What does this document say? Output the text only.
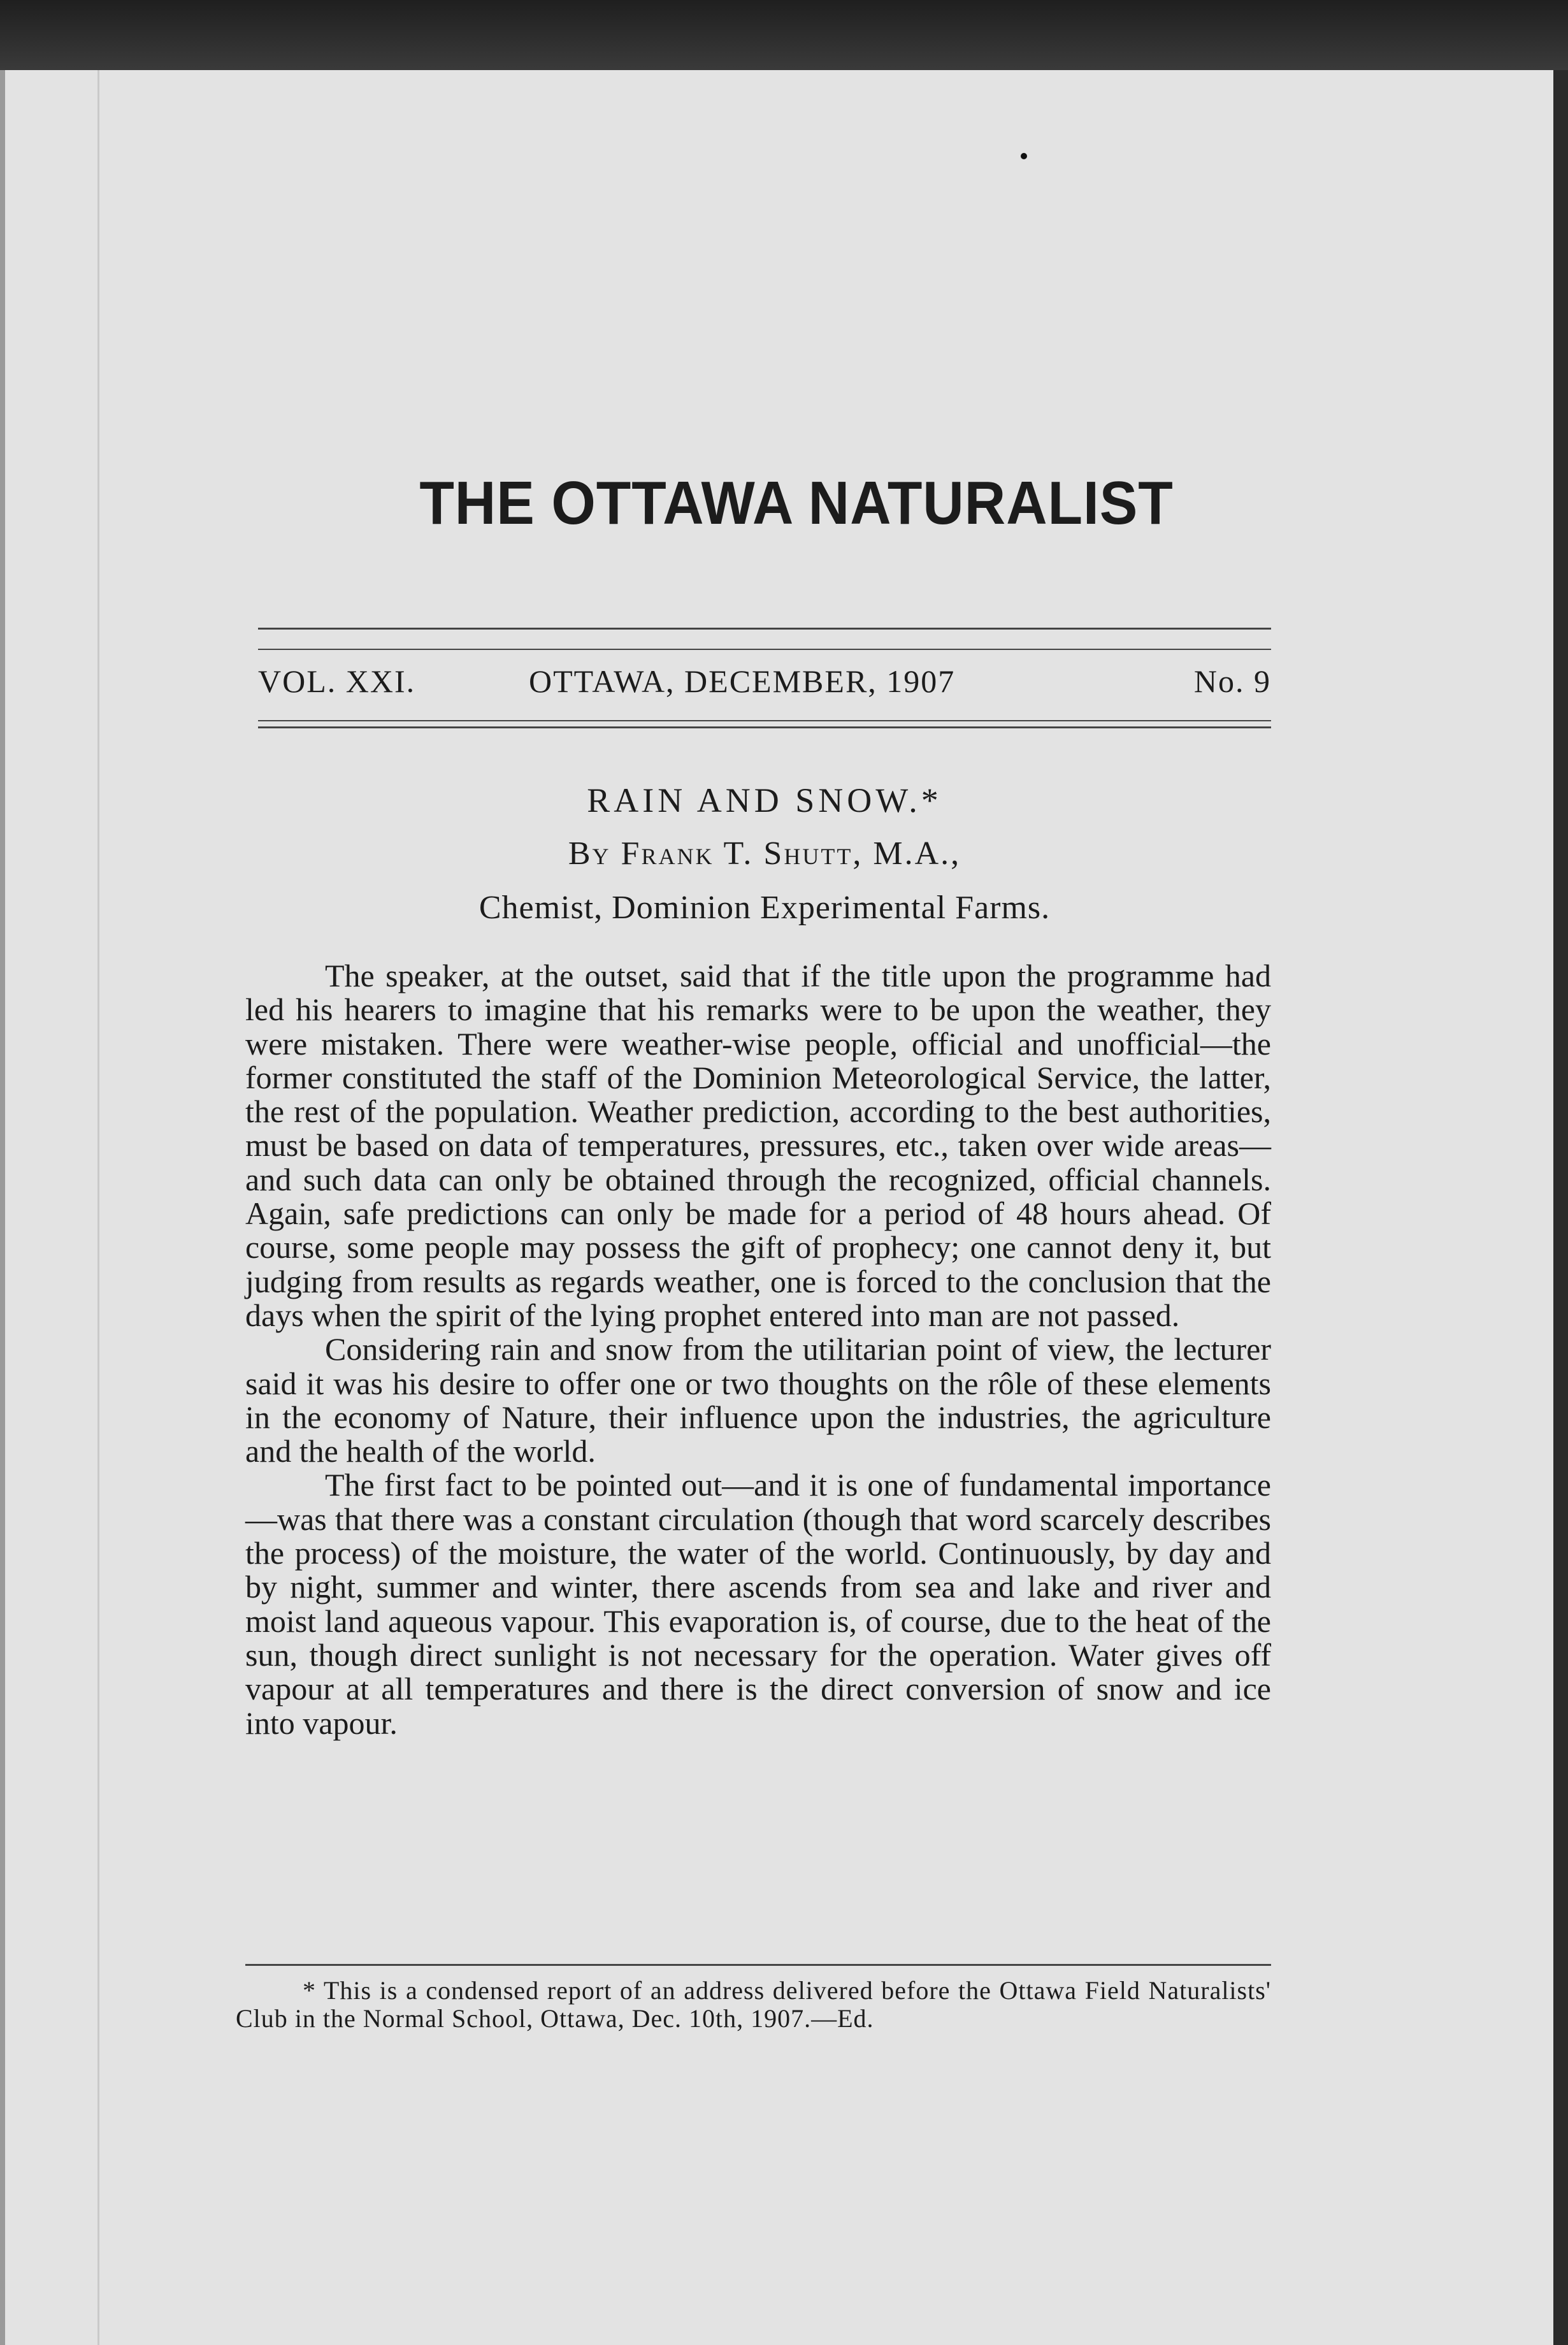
THE OTTAWA NATURALIST
VOL. XXI.	OTTAWA, DECEMBER, 1907	No. 9
RAIN AND SNOW.*
By Frank T. Shutt, M.A.,
Chemist, Dominion Experimental Farms.

The speaker, at the outset, said that if the title upon the programme had led his hearers to imagine that his remarks were to be upon the weather, they were mistaken. There were weather-wise people, official and unofficial—the former constituted the staff of the Dominion Meteorological Service, the latter, the rest of the population. Weather prediction, according to the best authorities, must be based on data of temperatures, pressures, etc., taken over wide areas—and such data can only be obtained through the recognized, official channels. Again, safe predictions can only be made for a period of 48 hours ahead. Of course, some people may possess the gift of prophecy; one cannot deny it, but judging from results as regards weather, one is forced to the conclusion that the days when the spirit of the lying prophet entered into man are not passed.

Considering rain and snow from the utilitarian point of view, the lecturer said it was his desire to offer one or two thoughts on the rôle of these elements in the economy of Nature, their influence upon the industries, the agriculture and the health of the world.

The first fact to be pointed out—and it is one of fundamental importance—was that there was a constant circulation (though that word scarcely describes the process) of the moisture, the water of the world. Continuously, by day and by night, summer and winter, there ascends from sea and lake and river and moist land aqueous vapour. This evaporation is, of course, due to the heat of the sun, though direct sunlight is not necessary for the operation. Water gives off vapour at all temperatures and there is the direct conversion of snow and ice into vapour.

* This is a condensed report of an address delivered before the Ottawa Field Naturalists' Club in the Normal School, Ottawa, Dec. 10th, 1907.—Ed.
